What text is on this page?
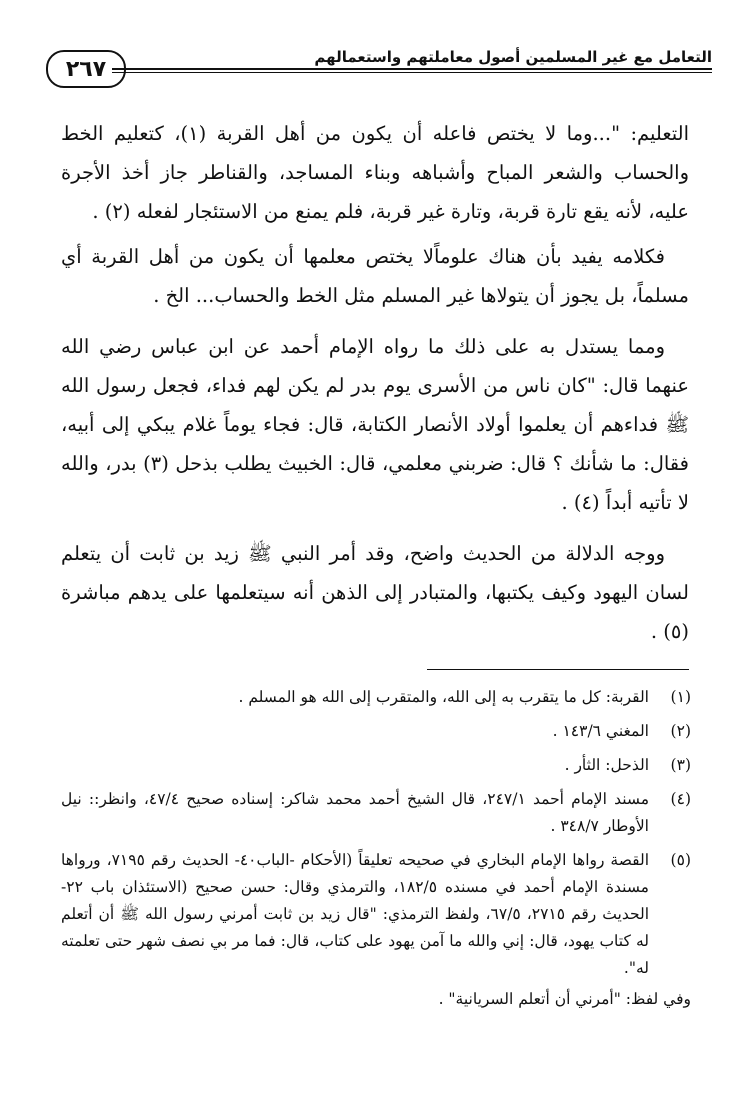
التعامل مع غير المسلمين أصول معاملتهم واستعمالهم
٢٦٧

التعليم: "...وما لا يختص فاعله أن يكون من أهل القربة (١)، كتعليم الخط والحساب والشعر المباح وأشباهه وبناء المساجد، والقناطر جاز أخذ الأجرة عليه، لأنه يقع تارة قربة، وتارة غير قربة، فلم يمنع من الاستئجار لفعله (٢) .

فكلامه يفيد بأن هناك علوماًلا يختص معلمها أن يكون من أهل القربة أي مسلماً، بل يجوز أن يتولاها غير المسلم مثل الخط والحساب... الخ .

ومما يستدل به على ذلك ما رواه الإمام أحمد عن ابن عباس رضي الله عنهما قال: "كان ناس من الأسرى يوم بدر لم يكن لهم فداء، فجعل رسول الله ﷺ فداءهم أن يعلموا أولاد الأنصار الكتابة، قال: فجاء يوماً غلام يبكي إلى أبيه، فقال: ما شأنك ؟ قال: ضربني معلمي، قال: الخبيث يطلب بذحل (٣) بدر، والله لا تأتيه أبداً (٤) .

ووجه الدلالة من الحديث واضح، وقد أمر النبي ﷺ زيد بن ثابت أن يتعلم لسان اليهود وكيف يكتبها، والمتبادر إلى الذهن أنه سيتعلمها على يدهم مباشرة (٥) .

(١)
القربة: كل ما يتقرب به إلى الله، والمتقرب إلى الله هو المسلم .
(٢)
المغني ١٤٣/٦ .
(٣)
الذحل: الثأر .
(٤)
مسند الإمام أحمد ٢٤٧/١، قال الشيخ أحمد محمد شاكر: إسناده صحيح ٤٧/٤، وانظر:: نيل الأوطار ٣٤٨/٧ .
(٥)
القصة رواها الإمام البخاري في صحيحه تعليقاً (الأحكام -الباب٤٠- الحديث رقم ٧١٩٥، ورواها مسندة الإمام أحمد في مسنده ١٨٢/٥، والترمذي وقال: حسن صحيح (الاستئذان باب ٢٢- الحديث رقم ٢٧١٥، ٦٧/٥، ولفظ الترمذي: "قال زيد بن ثابت أمرني رسول الله ﷺ أن أتعلم له كتاب يهود، قال: إني والله ما آمن يهود على كتاب، قال: فما مر بي نصف شهر حتى تعلمته له".
وفي لفظ: "أمرني أن أتعلم السريانية" .
